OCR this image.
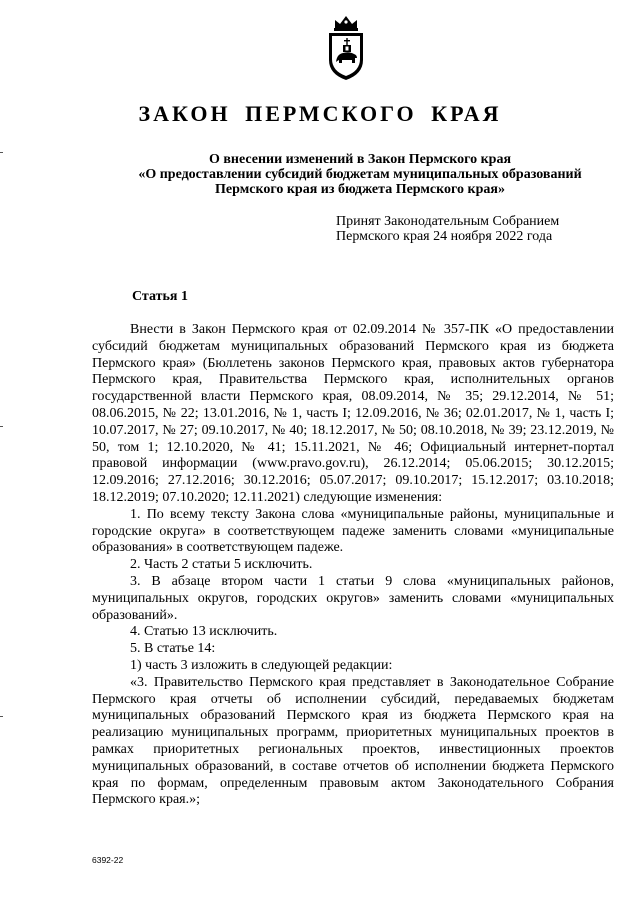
ЗАКОН ПЕРМСКОГО КРАЯ
О внесении изменений в Закон Пермского края
«О предоставлении субсидий бюджетам муниципальных образований
Пермского края из бюджета Пермского края»
Принят Законодательным Собранием
Пермского края 24 ноября 2022 года
Статья 1

Внести в Закон Пермского края от 02.09.2014 № 357-ПК «О предоставлении субсидий бюджетам муниципальных образований Пермского края из бюджета Пермского края» (Бюллетень законов Пермского края, правовых актов губернатора Пермского края, Правительства Пермского края, исполнительных органов государственной власти Пермского края, 08.09.2014, № 35; 29.12.2014, № 51; 08.06.2015, № 22; 13.01.2016, № 1, часть I; 12.09.2016, № 36; 02.01.2017, № 1, часть I; 10.07.2017, № 27; 09.10.2017, № 40; 18.12.2017, № 50; 08.10.2018, № 39; 23.12.2019, № 50, том 1; 12.10.2020, № 41; 15.11.2021, № 46; Официальный интернет-портал правовой информации (www.pravo.gov.ru), 26.12.2014; 05.06.2015; 30.12.2015; 12.09.2016; 27.12.2016; 30.12.2016; 05.07.2017; 09.10.2017; 15.12.2017; 03.10.2018; 18.12.2019; 07.10.2020; 12.11.2021) следующие изменения:

1. По всему тексту Закона слова «муниципальные районы, муниципальные и городские округа» в соответствующем падеже заменить словами «муниципальные образования» в соответствующем падеже.

2. Часть 2 статьи 5 исключить.

3. В абзаце втором части 1 статьи 9 слова «муниципальных районов, муниципальных округов, городских округов» заменить словами «муниципальных образований».

4. Статью 13 исключить.

5. В статье 14:

1) часть 3 изложить в следующей редакции:

«3. Правительство Пермского края представляет в Законодательное Собрание Пермского края отчеты об исполнении субсидий, передаваемых бюджетам муниципальных образований Пермского края из бюджета Пермского края на реализацию муниципальных программ, приоритетных муниципальных проектов в рамках приоритетных региональных проектов, инвестиционных проектов муниципальных образований, в составе отчетов об исполнении бюджета Пермского края по формам, определенным правовым актом Законодательного Собрания Пермского края.»;

6392-22
